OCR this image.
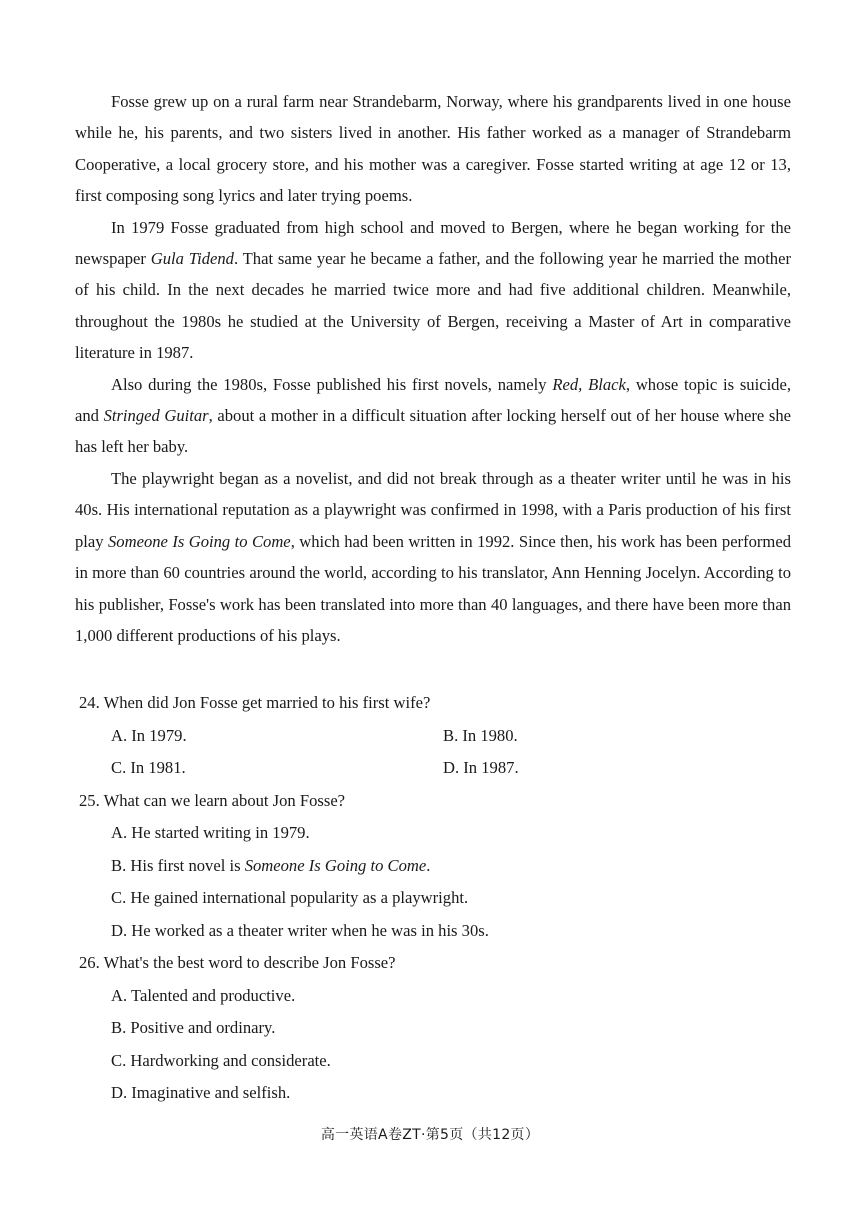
Fosse grew up on a rural farm near Strandebarm, Norway, where his grandparents lived in one house while he, his parents, and two sisters lived in another. His father worked as a manager of Strandebarm Cooperative, a local grocery store, and his mother was a caregiver. Fosse started writing at age 12 or 13, first composing song lyrics and later trying poems.

In 1979 Fosse graduated from high school and moved to Bergen, where he began working for the newspaper Gula Tidend. That same year he became a father, and the following year he married the mother of his child. In the next decades he married twice more and had five additional children. Meanwhile, throughout the 1980s he studied at the University of Bergen, receiving a Master of Art in comparative literature in 1987.

Also during the 1980s, Fosse published his first novels, namely Red, Black, whose topic is suicide, and Stringed Guitar, about a mother in a difficult situation after locking herself out of her house where she has left her baby.

The playwright began as a novelist, and did not break through as a theater writer until he was in his 40s. His international reputation as a playwright was confirmed in 1998, with a Paris production of his first play Someone Is Going to Come, which had been written in 1992. Since then, his work has been performed in more than 60 countries around the world, according to his translator, Ann Henning Jocelyn. According to his publisher, Fosse's work has been translated into more than 40 languages, and there have been more than 1,000 different productions of his plays.

24. When did Jon Fosse get married to his first wife?

A. In 1979.	B. In 1980.

C. In 1981.	D. In 1987.

25. What can we learn about Jon Fosse?

A. He started writing in 1979.

B. His first novel is Someone Is Going to Come.

C. He gained international popularity as a playwright.

D. He worked as a theater writer when he was in his 30s.

26. What's the best word to describe Jon Fosse?

A. Talented and productive.

B. Positive and ordinary.

C. Hardworking and considerate.

D. Imaginative and selfish.

高一英语A卷ZT·第5页（共12页）
